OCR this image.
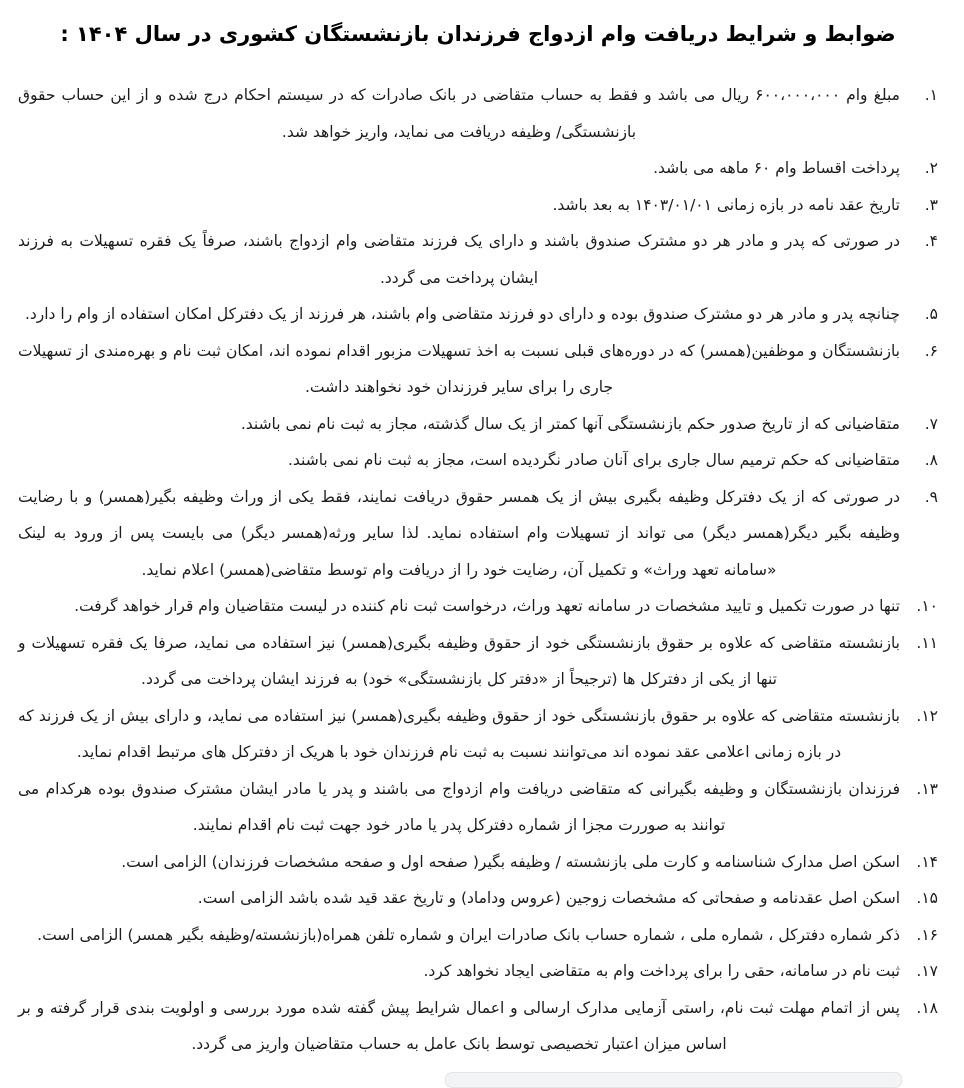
ضوابط و شرایط دریافت وام ازدواج فرزندان بازنشستگان کشوری در سال ۱۴۰۴ :
۱.

مبلغ وام ۶۰۰،۰۰۰،۰۰۰ ریال می باشد و فقط به حساب متقاضی در بانک صادرات که در سیستم احکام درج شده و از این حساب حقوق بازنشستگی/ وظیفه دریافت می نماید، واریز خواهد شد.

۲.

پرداخت اقساط وام ۶۰ ماهه می باشد.

۳.

تاریخ عقد نامه در بازه زمانی ۱۴۰۳/۰۱/۰۱ به بعد باشد.

۴.

در صورتی که پدر و مادر هر دو مشترک صندوق باشند و دارای یک فرزند متقاضی وام ازدواج باشند، صرفاً یک فقره تسهیلات به فرزند ایشان پرداخت می گردد.

۵.

چنانچه پدر و مادر هر دو مشترک صندوق بوده و دارای دو فرزند متقاضی وام باشند، هر فرزند از یک دفترکل امکان استفاده از وام را دارد.

۶.

بازنشستگان و موظفین(همسر) که در دوره‌های قبلی نسبت به اخذ تسهیلات مزبور اقدام نموده اند، امکان ثبت نام و بهره‌مندی از تسهیلات جاری را برای سایر فرزندان خود نخواهند داشت.

۷.

متقاضیانی که از تاریخ صدور حکم بازنشستگی آنها کمتر از یک سال گذشته، مجاز به ثبت نام نمی باشند.

۸.

متقاضیانی که حکم ترمیم سال جاری برای آنان صادر نگردیده است، مجاز به ثبت نام نمی باشند.

۹.

در صورتی که از یک دفترکل وظیفه بگیری بیش از یک همسر حقوق دریافت نمایند، فقط یکی از وراث وظیفه بگیر(همسر) و با رضایت وظیفه بگیر دیگر(همسر دیگر) می تواند از تسهیلات وام استفاده نماید. لذا سایر ورثه(همسر دیگر) می بایست پس از ورود به لینک «سامانه تعهد وراث» و تکمیل آن، رضایت خود را از دریافت وام توسط متقاضی(همسر) اعلام نماید.

۱۰.

تنها در صورت تکمیل و تایید مشخصات در سامانه تعهد وراث، درخواست ثبت نام کننده در لیست متقاضیان وام قرار خواهد گرفت.

۱۱.

بازنشسته متقاضی که علاوه بر حقوق بازنشستگی خود از حقوق وظیفه بگیری(همسر) نیز استفاده می نماید، صرفا یک فقره تسهیلات و تنها از یکی از دفترکل ها (ترجیحاً از «دفتر کل بازنشستگی» خود) به فرزند ایشان پرداخت می گردد.

۱۲.

بازنشسته متقاضی که علاوه بر حقوق بازنشستگی خود از حقوق وظیفه بگیری(همسر) نیز استفاده می نماید، و دارای بیش از یک فرزند که در بازه زمانی اعلامی عقد نموده اند می‌توانند نسبت به ثبت نام فرزندان خود با هریک از دفترکل های مرتبط اقدام نماید.

۱۳.

فرزندان بازنشستگان و وظیفه بگیرانی که متقاضی دریافت وام ازدواج می باشند و پدر یا مادر ایشان مشترک صندوق بوده هرکدام می توانند به صوررت مجزا از شماره دفترکل پدر یا مادر خود جهت ثبت نام اقدام نمایند.

۱۴.

اسکن اصل مدارک شناسنامه و کارت ملی بازنشسته / وظیفه بگیر( صفحه اول و صفحه مشخصات فرزندان) الزامی است.

۱۵.

اسکن اصل عقدنامه و صفحاتی که مشخصات زوجین (عروس وداماد) و تاریخ عقد قید شده باشد الزامی است.

۱۶.

ذکر شماره دفترکل ، شماره ملی ، شماره حساب بانک صادرات ایران و شماره تلفن همراه(بازنشسته/وظیفه بگیر همسر) الزامی است.

۱۷.

ثبت نام در سامانه، حقی را برای پرداخت وام به متقاضی ایجاد نخواهد کرد.

۱۸.

پس از اتمام مهلت ثبت نام، راستی آزمایی مدارک ارسالی و اعمال شرایط پیش گفته شده مورد بررسی و اولویت بندی قرار گرفته و بر اساس میزان اعتبار تخصیصی توسط بانک عامل به حساب متقاضیان واریز می گردد.
